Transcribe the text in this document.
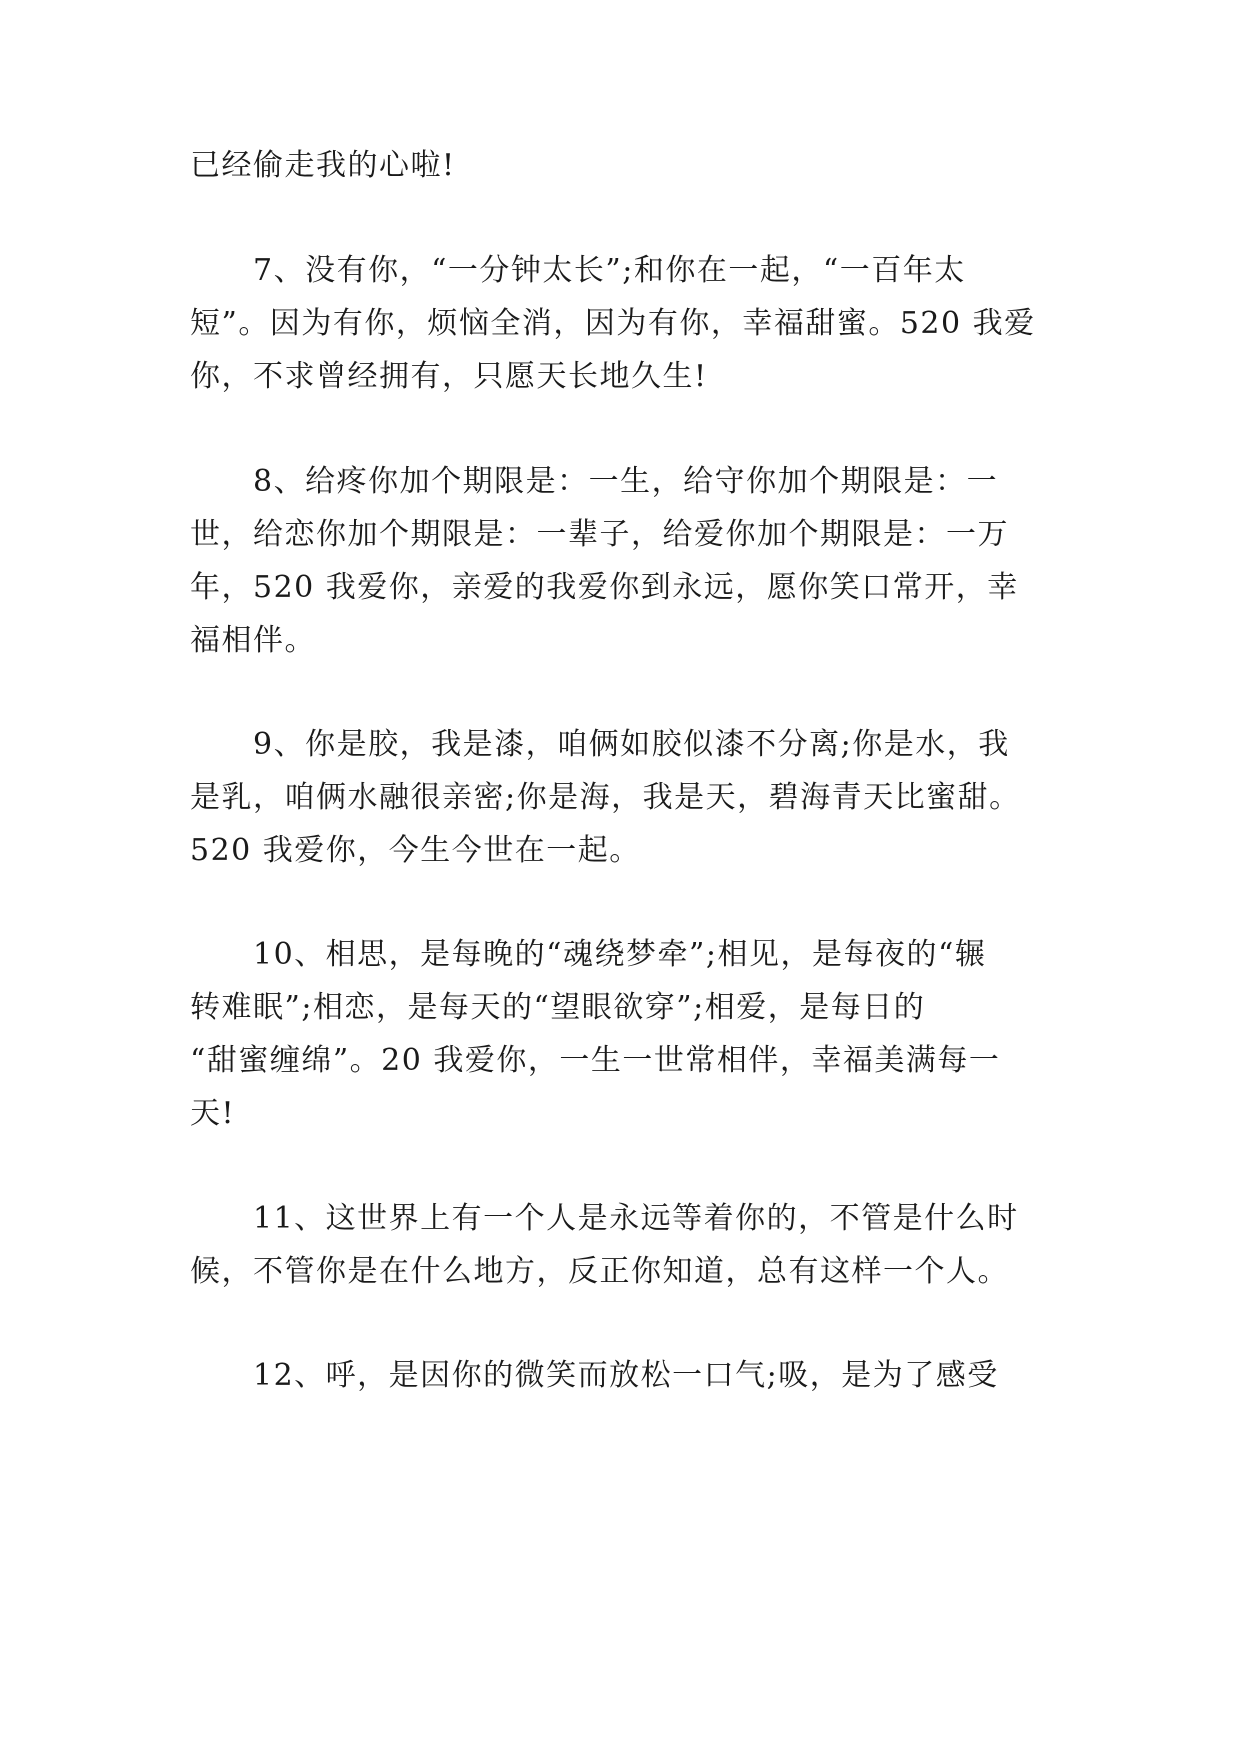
已经偷走我的心啦!
7、没有你，“一分钟太长”;和你在一起，“一百年太
短”。因为有你，烦恼全消，因为有你，幸福甜蜜。520 我爱
你，不求曾经拥有，只愿天长地久生!
8、给疼你加个期限是：一生，给守你加个期限是：一
世，给恋你加个期限是：一辈子，给爱你加个期限是：一万
年，520 我爱你，亲爱的我爱你到永远，愿你笑口常开，幸
福相伴。
9、你是胶，我是漆，咱俩如胶似漆不分离;你是水，我
是乳，咱俩水融很亲密;你是海，我是天，碧海青天比蜜甜。
520 我爱你，今生今世在一起。
10、相思，是每晚的“魂绕梦牵”;相见，是每夜的“辗
转难眠”;相恋，是每天的“望眼欲穿”;相爱，是每日的
“甜蜜缠绵”。20 我爱你，一生一世常相伴，幸福美满每一
天!
11、这世界上有一个人是永远等着你的，不管是什么时
候，不管你是在什么地方，反正你知道，总有这样一个人。
12、呼，是因你的微笑而放松一口气;吸，是为了感受
